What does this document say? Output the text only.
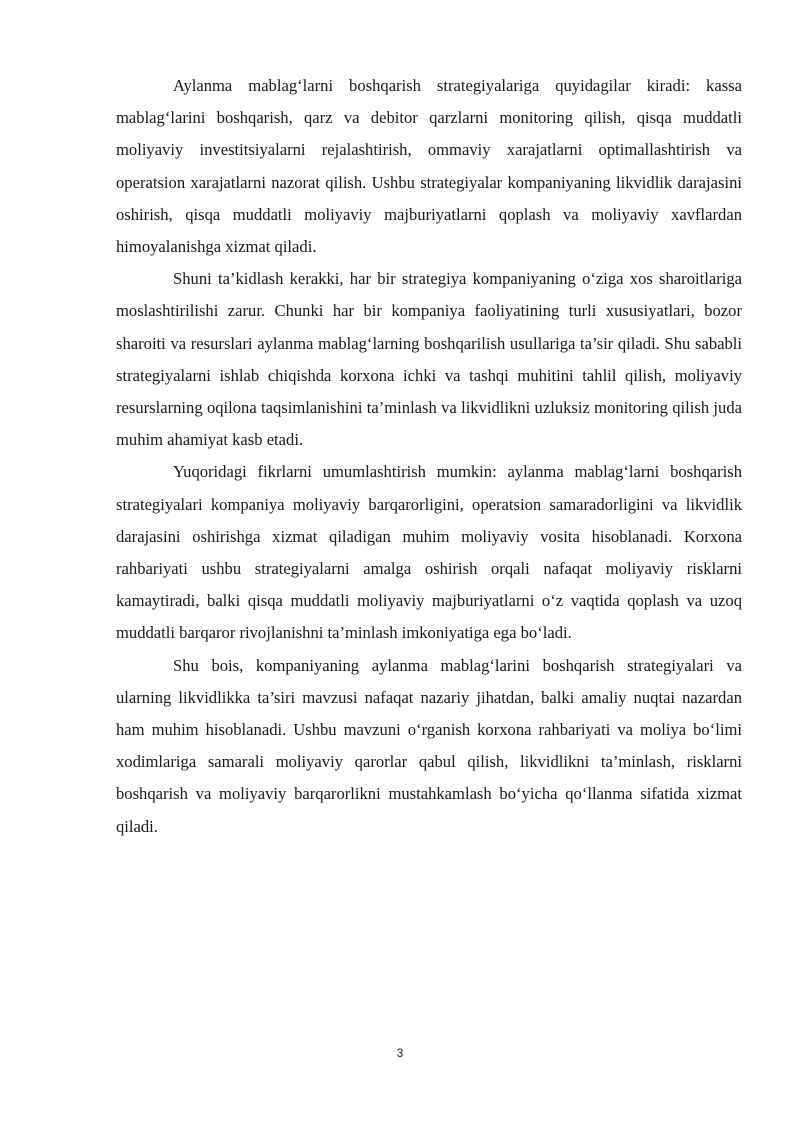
Aylanma mablag‘larni boshqarish strategiyalariga quyidagilar kiradi: kassa mablag‘larini boshqarish, qarz va debitor qarzlarni monitoring qilish, qisqa muddatli moliyaviy investitsiyalarni rejalashtirish, ommaviy xarajatlarni optimallashtirish va operatsion xarajatlarni nazorat qilish. Ushbu strategiyalar kompaniyaning likvidlik darajasini oshirish, qisqa muddatli moliyaviy majburiyatlarni qoplash va moliyaviy xavflardan himoyalanishga xizmat qiladi.

Shuni ta’kidlash kerakki, har bir strategiya kompaniyaning o‘ziga xos sharoitlariga moslashtirilishi zarur. Chunki har bir kompaniya faoliyatining turli xususiyatlari, bozor sharoiti va resurslari aylanma mablag‘larning boshqarilish usullariga ta’sir qiladi. Shu sababli strategiyalarni ishlab chiqishda korxona ichki va tashqi muhitini tahlil qilish, moliyaviy resurslarning oqilona taqsimlanishini ta’minlash va likvidlikni uzluksiz monitoring qilish juda muhim ahamiyat kasb etadi.

Yuqoridagi fikrlarni umumlashtirish mumkin: aylanma mablag‘larni boshqarish strategiyalari kompaniya moliyaviy barqarorligini, operatsion samaradorligini va likvidlik darajasini oshirishga xizmat qiladigan muhim moliyaviy vosita hisoblanadi. Korxona rahbariyati ushbu strategiyalarni amalga oshirish orqali nafaqat moliyaviy risklarni kamaytiradi, balki qisqa muddatli moliyaviy majburiyatlarni o‘z vaqtida qoplash va uzoq muddatli barqaror rivojlanishni ta’minlash imkoniyatiga ega bo‘ladi.

Shu bois, kompaniyaning aylanma mablag‘larini boshqarish strategiyalari va ularning likvidlikka ta’siri mavzusi nafaqat nazariy jihatdan, balki amaliy nuqtai nazardan ham muhim hisoblanadi. Ushbu mavzuni o‘rganish korxona rahbariyati va moliya bo‘limi xodimlariga samarali moliyaviy qarorlar qabul qilish, likvidlikni ta’minlash, risklarni boshqarish va moliyaviy barqarorlikni mustahkamlash bo‘yicha qo‘llanma sifatida xizmat qiladi.

3
